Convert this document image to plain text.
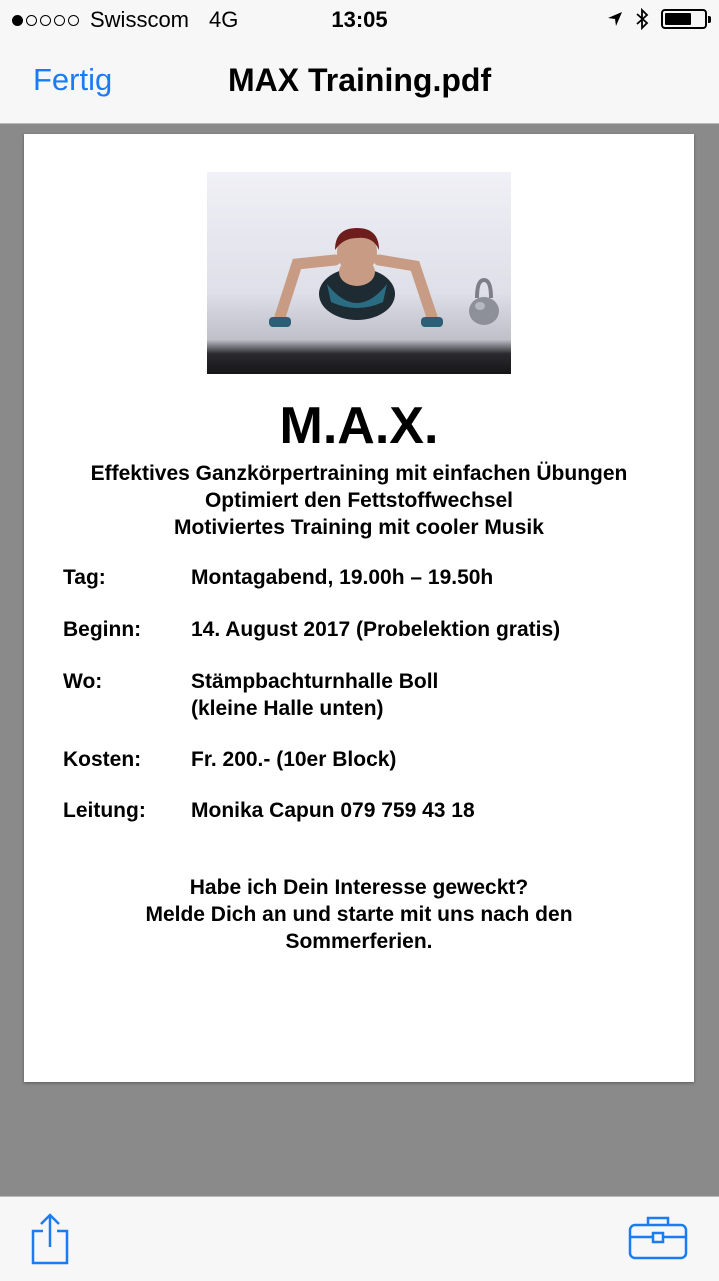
Swisscom 4G	13:05
Fertig	MAX Training.pdf
M.A.X.
Effektives Ganzkörpertraining mit einfachen Übungen
Optimiert den Fettstoffwechsel
Motiviertes Training mit cooler Musik
Tag:	Montagabend, 19.00h – 19.50h
Beginn:	14. August 2017 (Probelektion gratis)
Wo:	Stämpbachturnhalle Boll
(kleine Halle unten)
Kosten:	Fr. 200.- (10er Block)
Leitung:	Monika Capun 079 759 43 18
Habe ich Dein Interesse geweckt?
Melde Dich an und starte mit uns nach den
Sommerferien.
